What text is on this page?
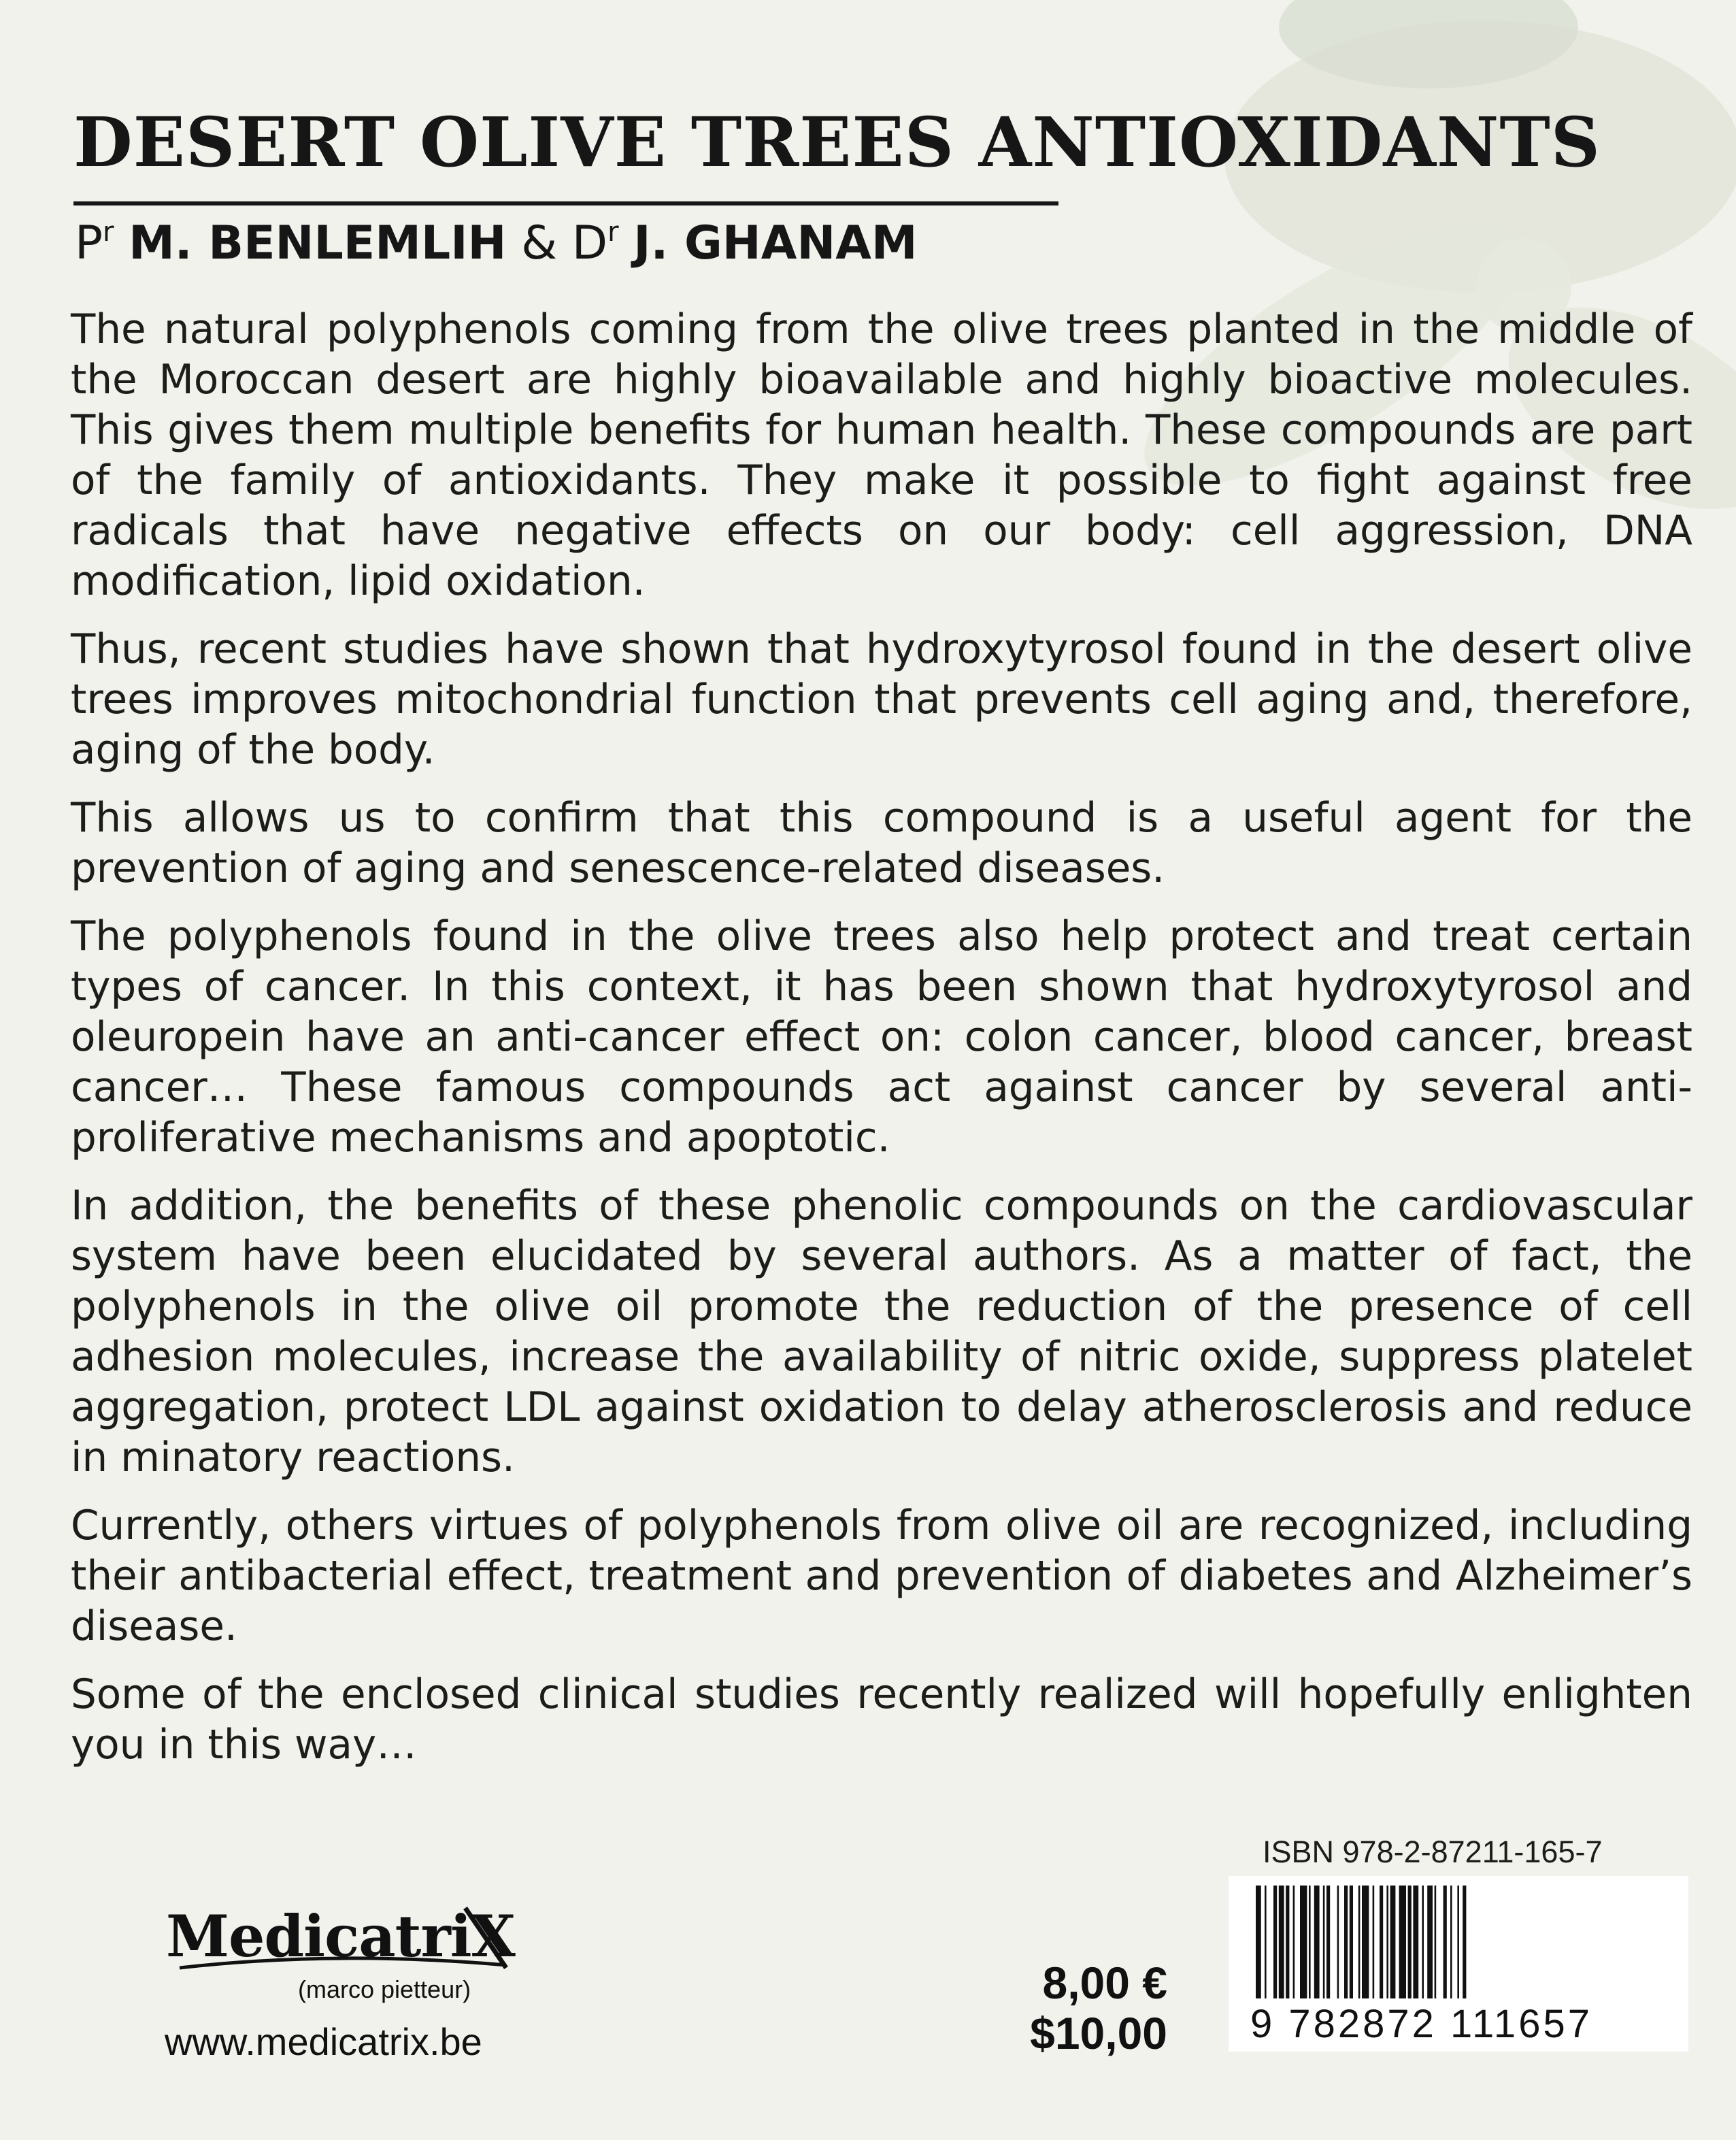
DESERT OLIVE TREES ANTIOXIDANTS
$P^r$ M. BENLEMLIH & $D^r$ J. GHANAM

The natural polyphenols coming from the olive trees planted in the middle of the Moroccan desert are highly bioavailable and highly bioactive molecules. This gives them multiple benefits for human health. These compounds are part of the family of antioxidants. They make it possible to fight against free radicals that have negative effects on our body: cell aggression, DNA modification, lipid oxidation.

Thus, recent studies have shown that hydroxytyrosol found in the desert olive trees improves mitochondrial function that prevents cell aging and, therefore, aging of the body.

This allows us to confirm that this compound is a useful agent for the prevention of aging and senescence-related diseases.

The polyphenols found in the olive trees also help protect and treat certain types of cancer. In this context, it has been shown that hydroxytyrosol and oleuropein have an anti-cancer effect on: colon cancer, blood cancer, breast cancer… These famous compounds act against cancer by several anti-proliferative mechanisms and apoptotic.

In addition, the benefits of these phenolic compounds on the cardiovascular system have been elucidated by several authors. As a matter of fact, the polyphenols in the olive oil promote the reduction of the presence of cell adhesion molecules, increase the availability of nitric oxide, suppress platelet aggregation, protect LDL against oxidation to delay atherosclerosis and reduce in minatory reactions.

Currently, others virtues of polyphenols from olive oil are recognized, including their antibacterial effect, treatment and prevention of diabetes and Alzheimer’s disease.

Some of the enclosed clinical studies recently realized will hopefully enlighten you in this way…

ISBN 978-2-87211-165-7
9 782872 111657
MedicatriX
(marco pietteur)
www.medicatrix.be
8,00 €
$10,00
